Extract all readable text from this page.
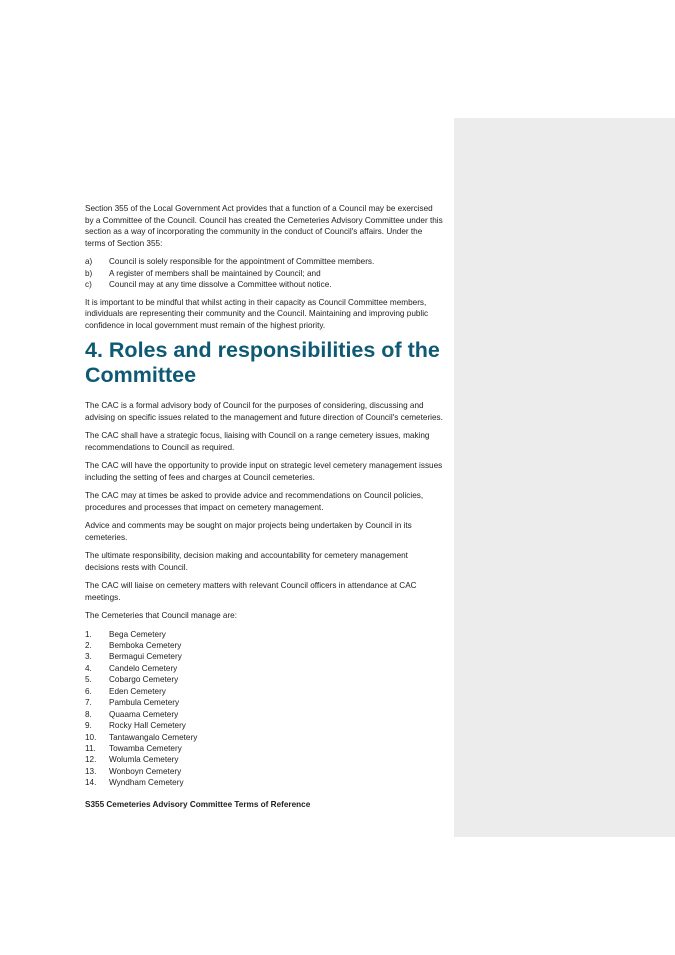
Section 355 of the Local Government Act provides that a function of a Council may be exercised by a Committee of the Council. Council has created the Cemeteries Advisory Committee under this section as a way of incorporating the community in the conduct of Council's affairs. Under the terms of Section 355:

a)	Council is solely responsible for the appointment of Committee members.
b)	A register of members shall be maintained by Council; and
c)	Council may at any time dissolve a Committee without notice.

It is important to be mindful that whilst acting in their capacity as Council Committee members, individuals are representing their community and the Council. Maintaining and improving public confidence in local government must remain of the highest priority.

4. Roles and responsibilities of the Committee

The CAC is a formal advisory body of Council for the purposes of considering, discussing and advising on specific issues related to the management and future direction of Council's cemeteries.

The CAC shall have a strategic focus, liaising with Council on a range cemetery issues, making recommendations to Council as required.

The CAC will have the opportunity to provide input on strategic level cemetery management issues including the setting of fees and charges at Council cemeteries.

The CAC may at times be asked to provide advice and recommendations on Council policies, procedures and processes that impact on cemetery management.

Advice and comments may be sought on major projects being undertaken by Council in its cemeteries.

The ultimate responsibility, decision making and accountability for cemetery management decisions rests with Council.

The CAC will liaise on cemetery matters with relevant Council officers in attendance at CAC meetings.

The Cemeteries that Council manage are:

1.	Bega Cemetery
2.	Bemboka Cemetery
3.	Bermagui Cemetery
4.	Candelo Cemetery
5.	Cobargo Cemetery
6.	Eden Cemetery
7.	Pambula Cemetery
8.	Quaama Cemetery
9.	Rocky Hall Cemetery
10.	Tantawangalo Cemetery
11.	Towamba Cemetery
12.	Wolumla Cemetery
13.	Wonboyn Cemetery
14.	Wyndham Cemetery
S355 Cemeteries Advisory Committee Terms of Reference
